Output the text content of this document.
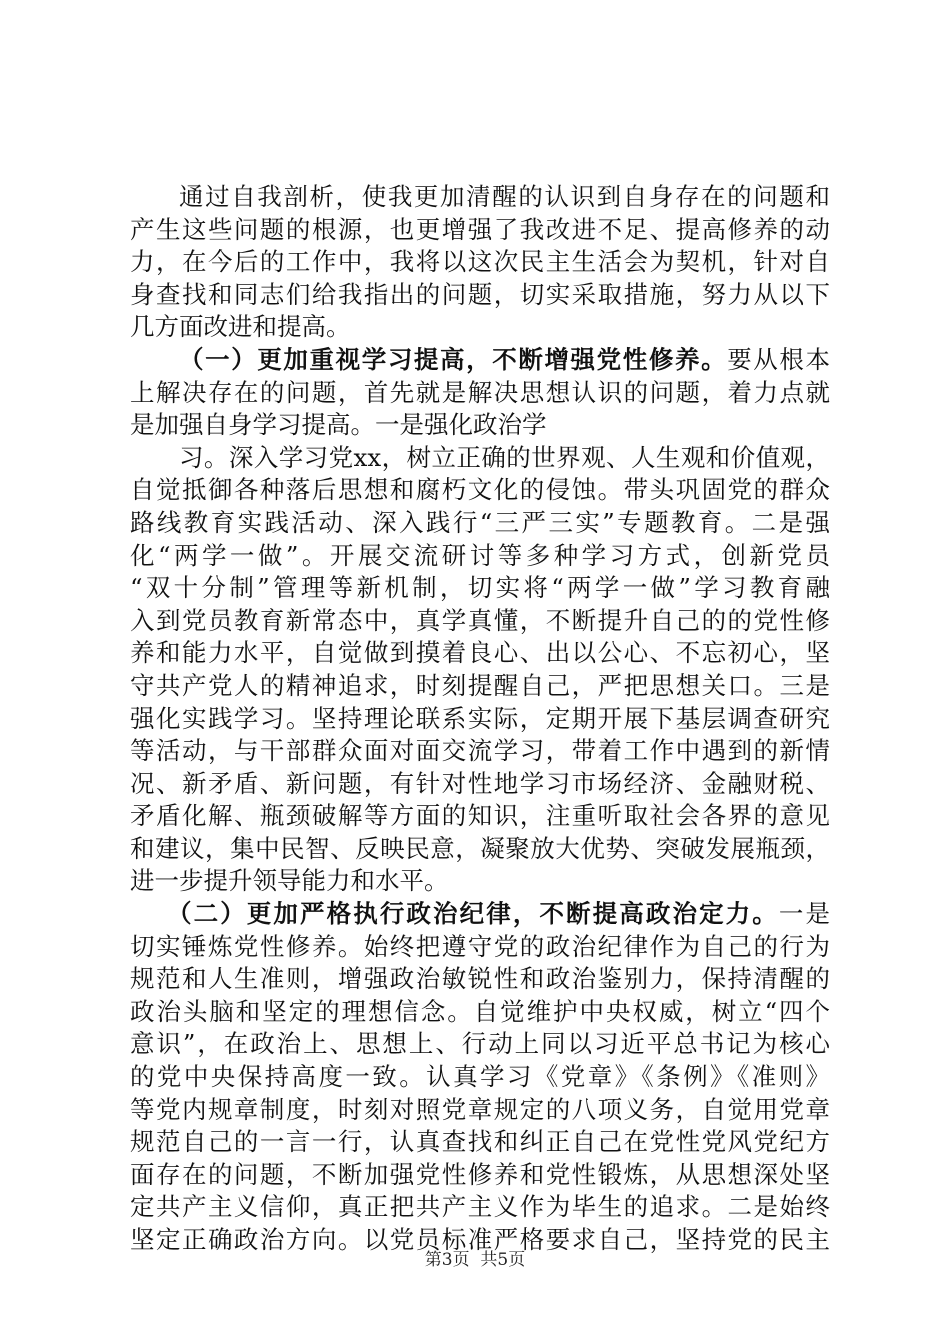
通过自我剖析，使我更加清醒的认识到自身存在的问题和
产生这些问题的根源，也更增强了我改进不足、提高修养的动
力，在今后的工作中，我将以这次民主生活会为契机，针对自
身查找和同志们给我指出的问题，切实采取措施，努力从以下
几方面改进和提高。
（一）更加重视学习提高，不断增强党性修养。要从根本
上解决存在的问题，首先就是解决思想认识的问题，着力点就
是加强自身学习提高。一是强化政治学
习。深入学习党xx，树立正确的世界观、人生观和价值观，
自觉抵御各种落后思想和腐朽文化的侵蚀。带头巩固党的群众
路线教育实践活动、深入践行“三严三实”专题教育。二是强
化“两学一做”。开展交流研讨等多种学习方式，创新党员
“双十分制”管理等新机制，切实将“两学一做”学习教育融
入到党员教育新常态中，真学真懂，不断提升自己的的党性修
养和能力水平，自觉做到摸着良心、出以公心、不忘初心，坚
守共产党人的精神追求，时刻提醒自己，严把思想关口。三是
强化实践学习。坚持理论联系实际，定期开展下基层调查研究
等活动，与干部群众面对面交流学习，带着工作中遇到的新情
况、新矛盾、新问题，有针对性地学习市场经济、金融财税、
矛盾化解、瓶颈破解等方面的知识，注重听取社会各界的意见
和建议，集中民智、反映民意，凝聚放大优势、突破发展瓶颈，
进一步提升领导能力和水平。
（二）更加严格执行政治纪律，不断提高政治定力。一是
切实锤炼党性修养。始终把遵守党的政治纪律作为自己的行为
规范和人生准则，增强政治敏锐性和政治鉴别力，保持清醒的
政治头脑和坚定的理想信念。自觉维护中央权威，树立“四个
意识”，在政治上、思想上、行动上同以习近平总书记为核心
的党中央保持高度一致。认真学习《党章》《条例》《准则》
等党内规章制度，时刻对照党章规定的八项义务，自觉用党章
规范自己的一言一行，认真查找和纠正自己在党性党风党纪方
面存在的问题，不断加强党性修养和党性锻炼，从思想深处坚
定共产主义信仰，真正把共产主义作为毕生的追求。二是始终
坚定正确政治方向。以党员标准严格要求自己，坚持党的民主
第3页  共5页
